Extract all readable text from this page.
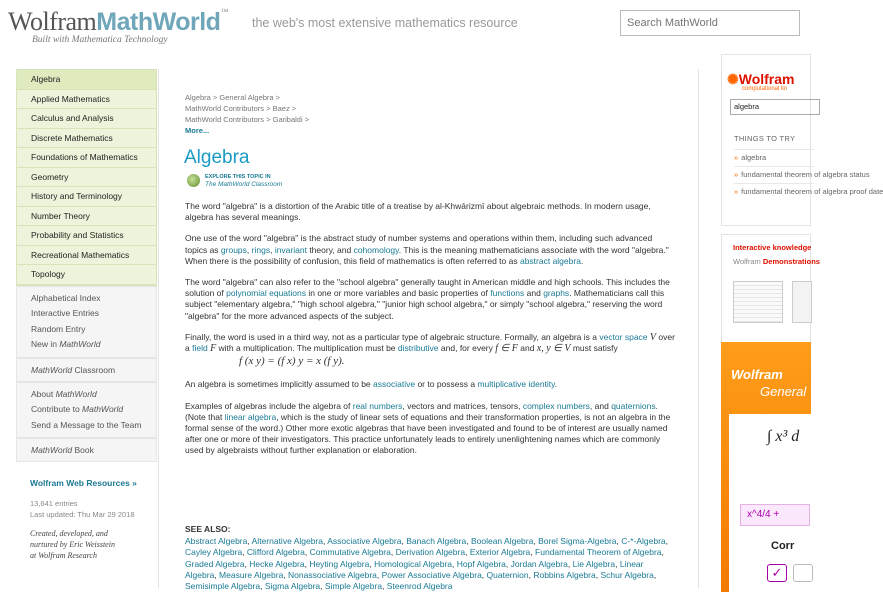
WolframMathWorld™
Built with Mathematica Technology
the web's most extensive mathematics resource
Search MathWorld
Algebra
Applied Mathematics
Calculus and Analysis
Discrete Mathematics
Foundations of Mathematics
Geometry
History and Terminology
Number Theory
Probability and Statistics
Recreational Mathematics
Topology
Alphabetical Index
Interactive Entries
Random Entry
New in MathWorld
MathWorld Classroom
About MathWorld
Contribute to MathWorld
Send a Message to the Team
MathWorld Book
Wolfram Web Resources »
13,641 entries
Last updated: Thu Mar 29 2018
Created, developed, and
nurtured by Eric Weisstein
at Wolfram Research
Algebra > General Algebra >
MathWorld Contributors > Baez >
MathWorld Contributors > Garibaldi >
More...
Algebra
EXPLORE THIS TOPIC IN
The MathWorld Classroom

The word "algebra" is a distortion of the Arabic title of a treatise by al-Khwārizmī about algebraic methods. In modern usage, algebra has several meanings.

One use of the word "algebra" is the abstract study of number systems and operations within them, including such advanced topics as groups, rings, invariant theory, and cohomology. This is the meaning mathematicians associate with the word "algebra." When there is the possibility of confusion, this field of mathematics is often referred to as abstract algebra.

The word "algebra" can also refer to the "school algebra" generally taught in American middle and high schools. This includes the solution of polynomial equations in one or more variables and basic properties of functions and graphs. Mathematicians call this subject "elementary algebra," "high school algebra," "junior high school algebra," or simply "school algebra," reserving the word "algebra" for the more advanced aspects of the subject.

Finally, the word is used in a third way, not as a particular type of algebraic structure. Formally, an algebra is a vector space V over a field F with a multiplication. The multiplication must be distributive and, for every f ∈ F and x, y ∈ V must satisfy

f (x y) = (f x) y = x (f y).

An algebra is sometimes implicitly assumed to be associative or to possess a multiplicative identity.

Examples of algebras include the algebra of real numbers, vectors and matrices, tensors, complex numbers, and quaternions. (Note that linear algebra, which is the study of linear sets of equations and their transformation properties, is not an algebra in the formal sense of the word.) Other more exotic algebras that have been investigated and found to be of interest are usually named after one or more of their investigators. This practice unfortunately leads to entirely unenlightening names which are commonly used by algebraists without further explanation or elaboration.

SEE ALSO:
Abstract Algebra, Alternative Algebra, Associative Algebra, Banach Algebra, Boolean Algebra, Borel Sigma-Algebra, C-*-Algebra, Cayley Algebra, Clifford Algebra, Commutative Algebra, Derivation Algebra, Exterior Algebra, Fundamental Theorem of Algebra, Graded Algebra, Hecke Algebra, Heyting Algebra, Homological Algebra, Hopf Algebra, Jordan Algebra, Lie Algebra, Linear Algebra, Measure Algebra, Nonassociative Algebra, Power Associative Algebra, Quaternion, Robbins Algebra, Schur Algebra, Semisimple Algebra, Sigma Algebra, Simple Algebra, Steenrod Algebra
✺Wolfram
computational kn
algebra
THINGS TO TRY
» algebra
» fundamental theorem of algebra status
» fundamental theorem of algebra proof date
Interactive knowledge
Wolfram Demonstrations
Wolfram
General
∫ x³ d
x^4/4 +
Corr
✓
